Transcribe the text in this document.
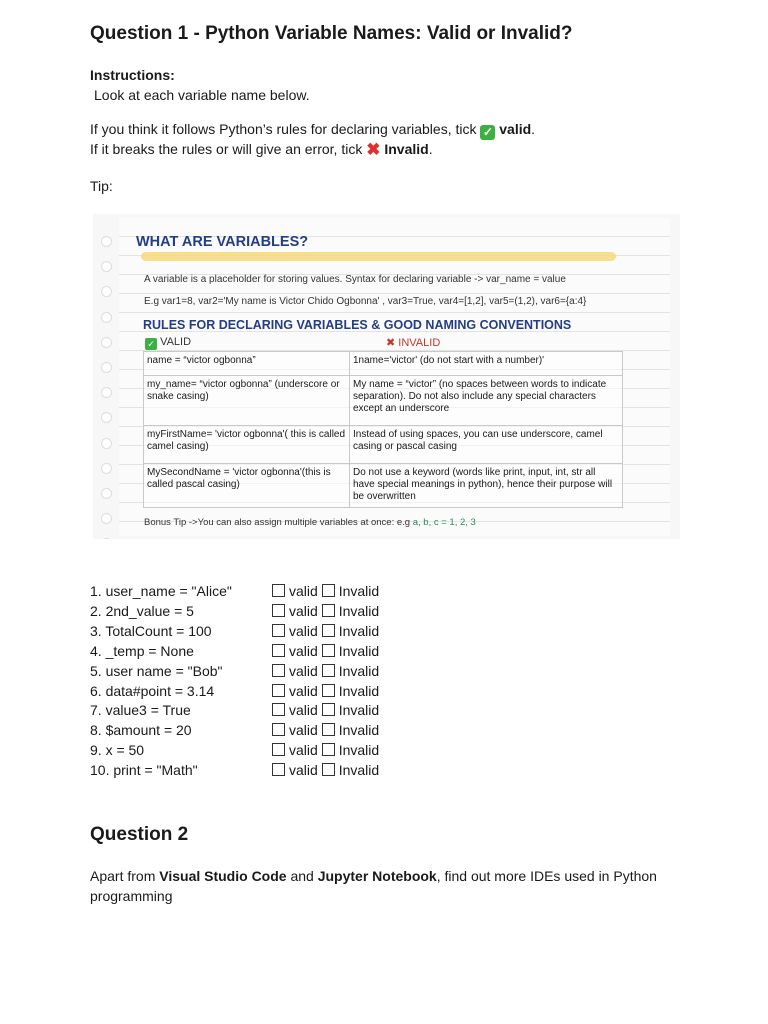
Question 1 - Python Variable Names: Valid or Invalid?

Instructions:

Look at each variable name below.

If you think it follows Python’s rules for declaring variables, tick ✓ valid.

If it breaks the rules or will give an error, tick ✖ Invalid.

Tip:

WHAT ARE VARIABLES?
A variable is a placeholder for storing values. Syntax for declaring variable -> var_name = value
E.g var1=8, var2='My name is Victor Chido Ogbonna' , var3=True, var4=[1,2], var5=(1,2), var6={a:4}
RULES FOR DECLARING VARIABLES & GOOD NAMING CONVENTIONS
✓ VALID	✖ INVALID
name = “victor ogbonna”	1name='victor' (do not start with a number)'
my_name= “victor ogbonna” (underscore or snake casing)	My name = “victor” (no spaces between words to indicate separation). Do not also include any special characters except an underscore
myFirstName= 'victor ogbonna'( this is called camel casing)	Instead of using spaces, you can use underscore, camel casing or pascal casing
MySecondName = 'victor ogbonna'(this is called pascal casing)	Do not use a keyword (words like print, input, int, str all have special meanings in python), hence their purpose will be overwritten
Bonus Tip ->You can also assign multiple variables at once: e.g a, b, c = 1, 2, 3
1. user_name = "Alice"	valid Invalid
2. 2nd_value = 5	valid Invalid
3. TotalCount = 100	valid Invalid
4. _temp = None	valid Invalid
5. user name = "Bob"	valid Invalid
6. data#point = 3.14	valid Invalid
7. value3 = True	valid Invalid
8. $amount = 20	valid Invalid
9. x = 50	valid Invalid
10. print = "Math"	valid Invalid
Question 2

Apart from Visual Studio Code and Jupyter Notebook, find out more IDEs used in Python programming
